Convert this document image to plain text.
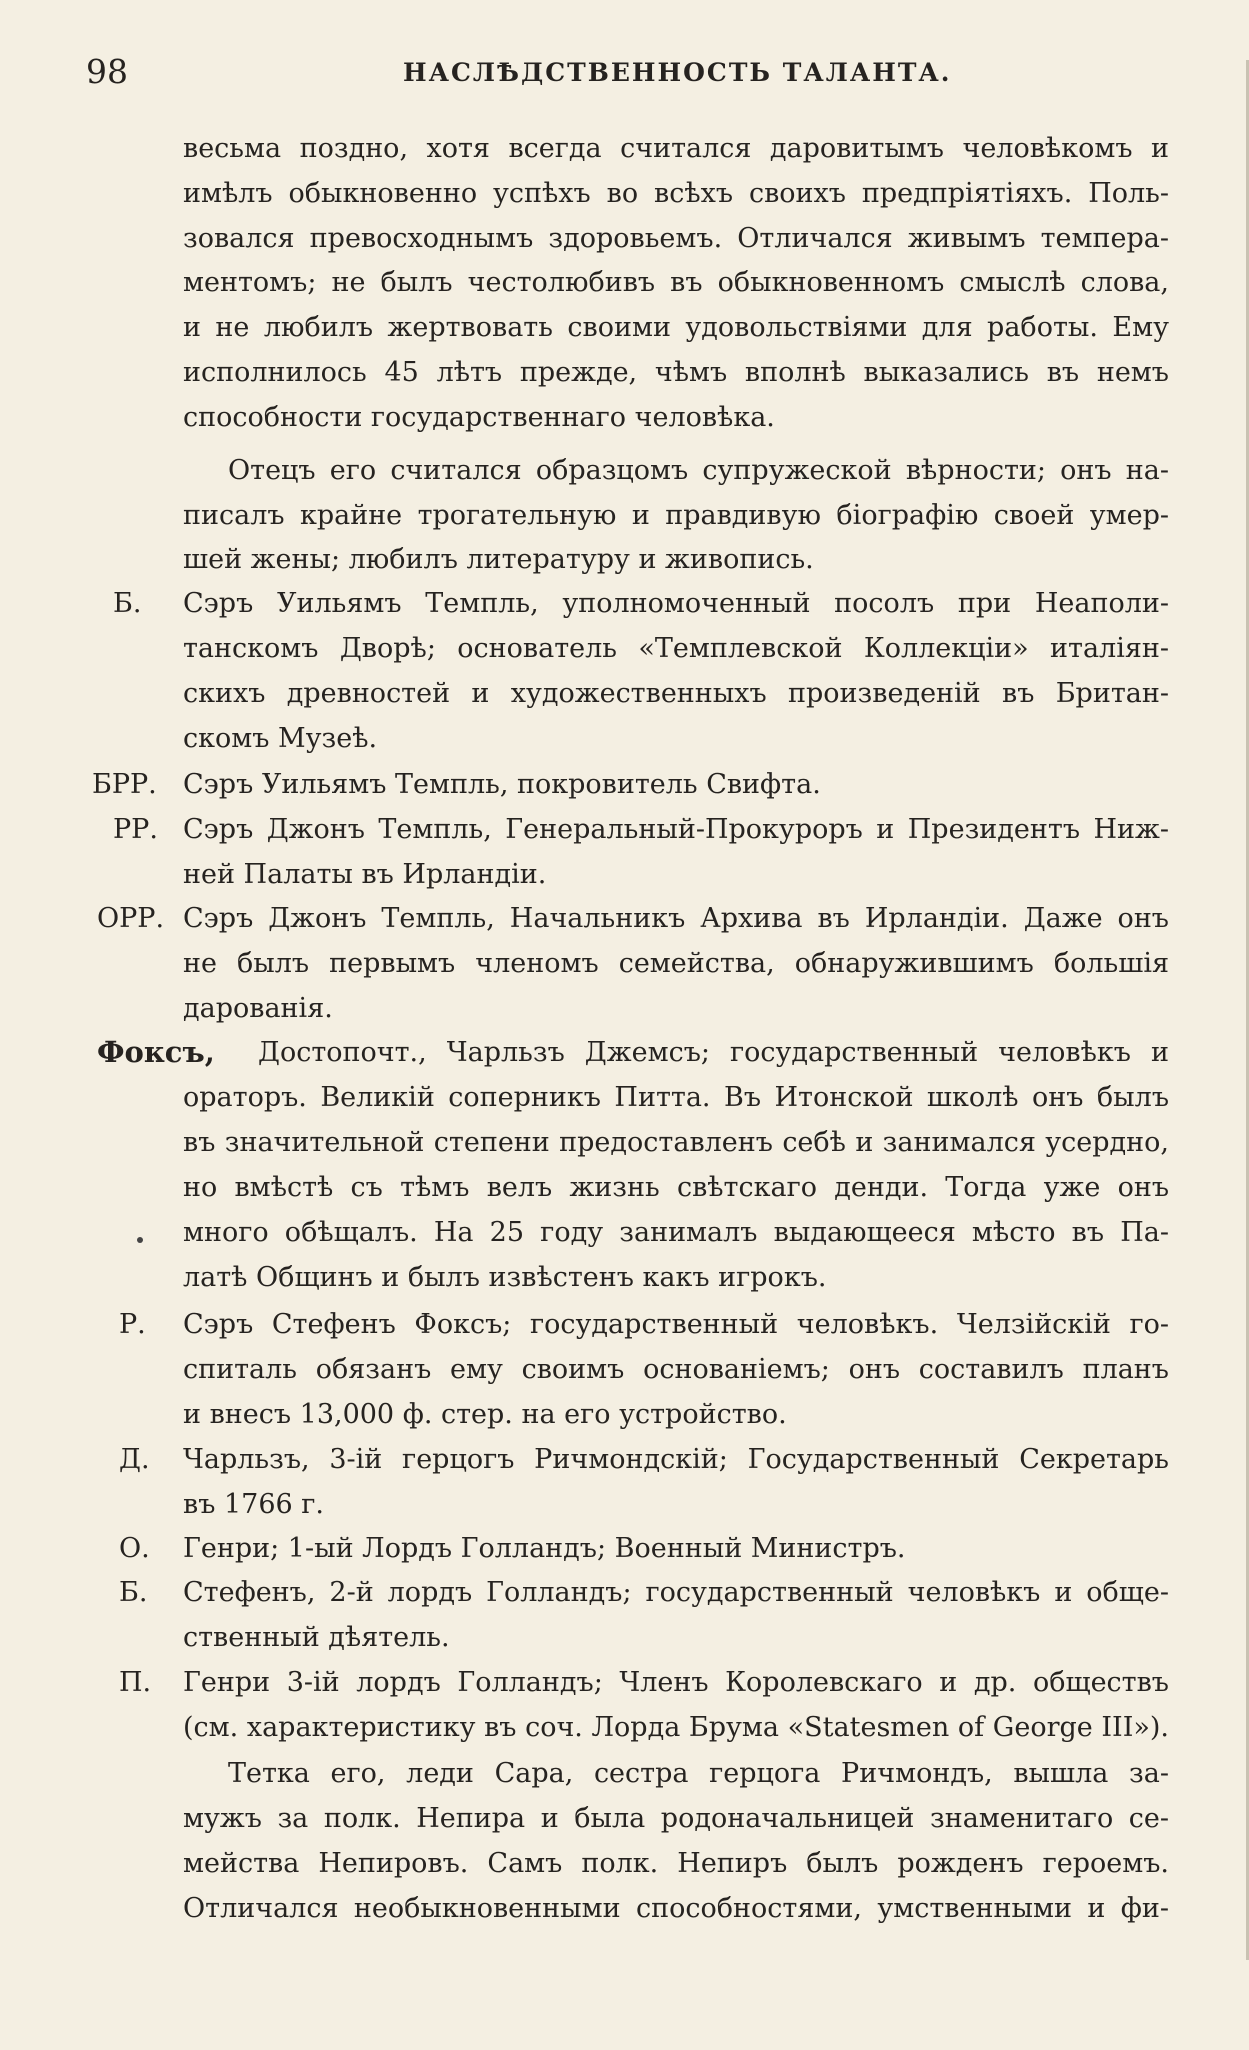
98	НАСЛѢДСТВЕННОСТЬ ТАЛАНТА.
Б.
БРР.
РР.
ОРР.
Фоксъ,
Р.
Д.
О.
Б.
П.
весьма поздно, хотя всегда считался даровитымъ человѣкомъ и
имѣлъ обыкновенно успѣхъ во всѣхъ своихъ предпріятіяхъ. Поль-
зовался превосходнымъ здоровьемъ. Отличался живымъ темпера-
ментомъ; не былъ честолюбивъ въ обыкновенномъ смыслѣ слова,
и не любилъ жертвовать своими удовольствіями для работы. Ему
исполнилось 45 лѣтъ прежде, чѣмъ вполнѣ выказались въ немъ
способности государственнаго человѣка.
Отецъ его считался образцомъ супружеской вѣрности; онъ на-
писалъ крайне трогательную и правдивую біографію своей умер-
шей жены; любилъ литературу и живопись.
Сэръ Уильямъ Темпль, уполномоченный посолъ при Неаполи-
танскомъ Дворѣ; основатель «Темплевской Коллекціи» италіян-
скихъ древностей и художественныхъ произведеній въ Британ-
скомъ Музеѣ.
Сэръ Уильямъ Темпль, покровитель Свифта.
Сэръ Джонъ Темпль, Генеральный-Прокуроръ и Президентъ Ниж-
ней Палаты въ Ирландіи.
Сэръ Джонъ Темпль, Начальникъ Архива въ Ирландіи. Даже онъ
не былъ первымъ членомъ семейства, обнаружившимъ большія
дарованія.
Достопочт., Чарльзъ Джемсъ; государственный человѣкъ и
ораторъ. Великій соперникъ Питта. Въ Итонской школѣ онъ былъ
въ значительной степени предоставленъ себѣ и занимался усердно,
но вмѣстѣ съ тѣмъ велъ жизнь свѣтскаго денди. Тогда уже онъ
много обѣщалъ. На 25 году занималъ выдающееся мѣсто въ Па-
латѣ Общинъ и былъ извѣстенъ какъ игрокъ.
Сэръ Стефенъ Фоксъ; государственный человѣкъ. Челзійскій го-
спиталь обязанъ ему своимъ основаніемъ; онъ составилъ планъ
и внесъ 13,000 ф. стер. на его устройство.
Чарльзъ, 3-ій герцогъ Ричмондскій; Государственный Секретарь
въ 1766 г.
Генри; 1-ый Лордъ Голландъ; Военный Министръ.
Стефенъ, 2-й лордъ Голландъ; государственный человѣкъ и обще-
ственный дѣятель.
Генри 3-ій лордъ Голландъ; Членъ Королевскаго и др. обществъ
(см. характеристику въ соч. Лорда Брума «Statesmen of George III»).
Тетка его, леди Сара, сестра герцога Ричмондъ, вышла за-
мужъ за полк. Непира и была родоначальницей знаменитаго се-
мейства Непировъ. Самъ полк. Непиръ былъ рожденъ героемъ.
Отличался необыкновенными способностями, умственными и фи-
